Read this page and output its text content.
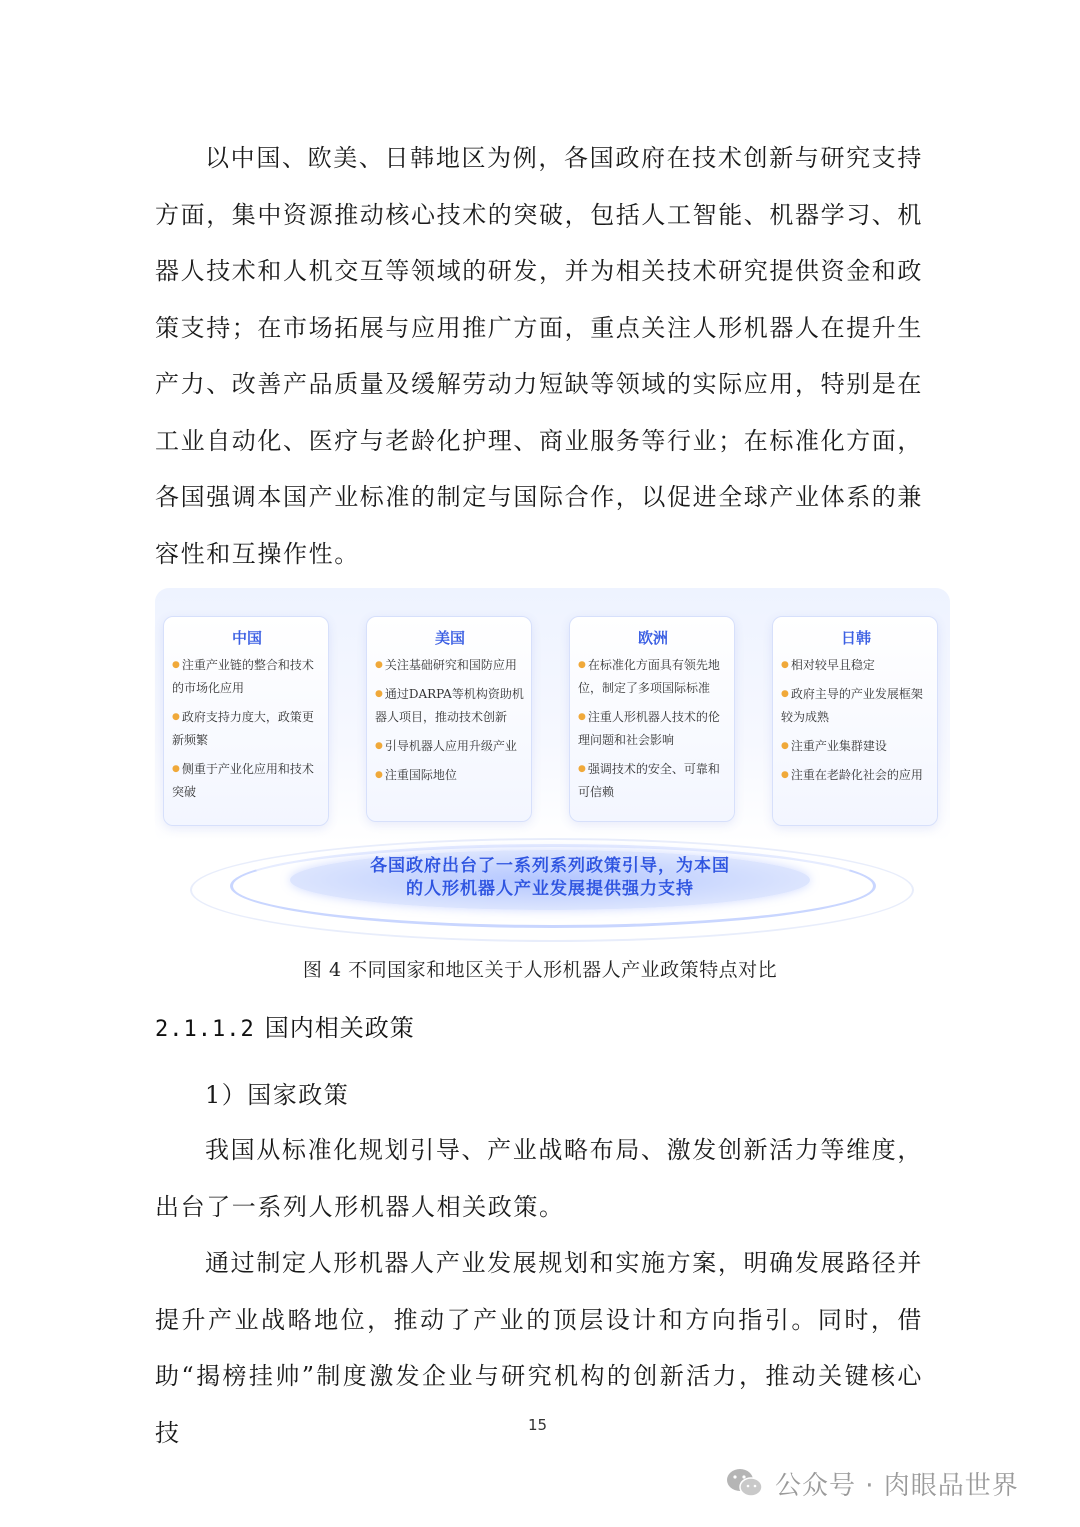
以中国、欧美、日韩地区为例，各国政府在技术创新与研究支持方面，集中资源推动核心技术的突破，包括人工智能、机器学习、机器人技术和人机交互等领域的研发，并为相关技术研究提供资金和政策支持；在市场拓展与应用推广方面，重点关注人形机器人在提升生产力、改善产品质量及缓解劳动力短缺等领域的实际应用，特别是在工业自动化、医疗与老龄化护理、商业服务等行业；在标准化方面，各国强调本国产业标准的制定与国际合作，以促进全球产业体系的兼容性和互操作性。
中国
● 注重产业链的整合和技术的市场化应用
● 政府支持力度大，政策更新频繁
● 侧重于产业化应用和技术突破
美国
● 关注基础研究和国防应用
● 通过DARPA等机构资助机器人项目，推动技术创新
● 引导机器人应用升级产业
● 注重国际地位
欧洲
● 在标准化方面具有领先地位，制定了多项国际标准
● 注重人形机器人技术的伦理问题和社会影响
● 强调技术的安全、可靠和可信赖
日韩
● 相对较早且稳定
● 政府主导的产业发展框架较为成熟
● 注重产业集群建设
● 注重在老龄化社会的应用
各国政府出台了一系列系列政策引导，为本国
的人形机器人产业发展提供强力支持
图 4 不同国家和地区关于人形机器人产业政策特点对比
2.1.1.2 国内相关政策
1）国家政策
我国从标准化规划引导、产业战略布局、激发创新活力等维度，出台了一系列人形机器人相关政策。
通过制定人形机器人产业发展规划和实施方案，明确发展路径并提升产业战略地位，推动了产业的顶层设计和方向指引。同时，借助“揭榜挂帅”制度激发企业与研究机构的创新活力，推动关键核心技	15
公众号 · 肉眼品世界
